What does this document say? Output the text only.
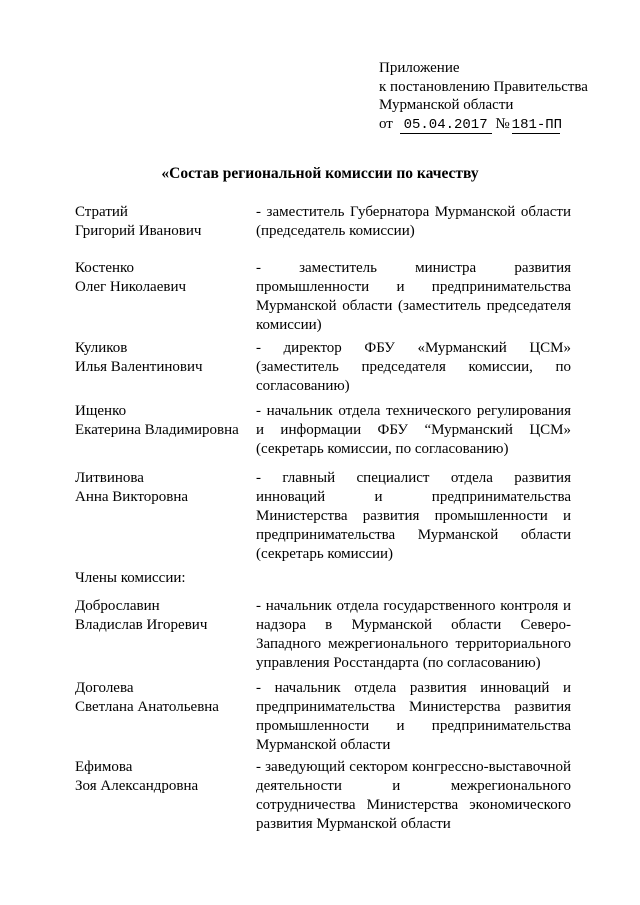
Приложение
к постановлению Правительства
Мурманской области
от 05.04.2017 № 181-ПП
«Состав региональной комиссии по качеству
Стратий
Григорий Иванович
- заместитель Губернатора Мурманской области (председатель комиссии)
Костенко
Олег Николаевич
- заместитель министра развития промышленности и предпринимательства Мурманской области (заместитель председателя комиссии)
Куликов
Илья Валентинович
- директор ФБУ «Мурманский ЦСМ» (заместитель председателя комиссии, по согласованию)
Ищенко
Екатерина Владимировна
- начальник отдела технического регулирования и информации ФБУ “Мурманский ЦСМ» (секретарь комиссии, по согласованию)
Литвинова
Анна Викторовна
- главный специалист отдела развития инноваций и предпринимательства Министерства развития промышленности и предпринимательства Мурманской области (секретарь комиссии)
Члены комиссии:
Доброславин
Владислав Игоревич
- начальник отдела государственного контроля и надзора в Мурманской области Северо-Западного межрегионального территориального управления Росстандарта (по согласованию)
Доголева
Светлана Анатольевна
- начальник отдела развития инноваций и предпринимательства Министерства развития промышленности и предпринимательства Мурманской области
Ефимова
Зоя Александровна
- заведующий сектором конгрессно-выставочной деятельности и межрегионального сотрудничества Министерства экономического развития Мурманской области
